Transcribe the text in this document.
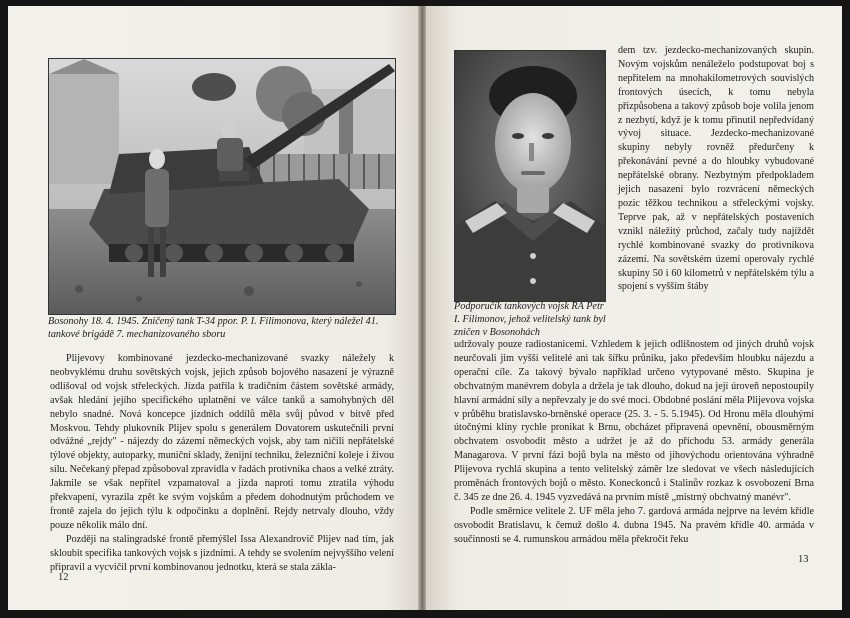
Bosonohy 18. 4. 1945. Zničený tank T-34 ppor. P. I. Filimonova, který náležel 41. tankové brigádě 7. mechanizovaného sboru

Plijevovy kombinované jezdecko-mechanizované svazky náležely k neobvyklému druhu sovětských vojsk, jejich způsob bojového nasazení je výrazně odlišoval od vojsk střeleckých. Jízda patřila k tradičním částem sovětské armády, avšak hledání jejího specifického uplatnění ve válce tanků a samohybných děl nebylo snadné. Nová koncepce jízdních oddílů měla svůj původ v bitvě před Moskvou. Tehdy plukovník Plijev spolu s generálem Dovatorem uskutečnili první odvážné „rejdy" - nájezdy do zázemí německých vojsk, aby tam ničili nepřátelské týlové objekty, autoparky, muniční sklady, ženijní techniku, železniční koleje i živou sílu. Nečekaný přepad způsoboval zpravidla v řadách protivníka chaos a velké ztráty. Jakmile se však nepřítel vzpamatoval a jízda naproti tomu ztratila výhodu překvapení, vyrazila zpět ke svým vojskům a předem dohodnutým průchodem ve frontě zajela do jejich týlu k odpočinku a doplnění. Rejdy netrvaly dlouho, vždy pouze několik málo dní.

Později na stalingradské frontě přemýšlel Issa Alexandrovič Plijev nad tím, jak skloubit specifika tankových vojsk s jízdními. A tehdy se svolením nejvyššího velení připravil a vycvičil první kombinovanou jednotku, která se stala zákla-

12

Podporučík tankových vojsk RA Petr I. Filimonov, jehož velitelský tank byl zničen v Bosonohách

dem tzv. jezdecko-mechanizovaných skupin. Novým vojskům nenáleželo podstupovat boj s nepřítelem na mnohakilometrových souvislých frontových úsecích, k tomu nebyla přizpůsobena a takový způsob boje volila jenom z nezbytí, když je k tomu přinutil nepředvídaný vývoj situace. Jezdecko-mechanizované skupiny nebyly rovněž předurčeny k překonávání pevné a do hloubky vybudované nepřátelské obrany. Nezbytným předpokladem jejich nasazení bylo rozvrácení německých pozic těžkou technikou a střeleckými vojsky. Teprve pak, až v nepřátelských postaveních vznikl náležitý průchod, začaly tudy najíždět rychlé kombinované svazky do protivníkova zázemí. Na sovětském území operovaly rychlé skupiny 50 i 60 kilometrů v nepřátelském týlu a spojení s vyšším štáby

udržovaly pouze radiostanicemi. Vzhledem k jejich odlišnostem od jiných druhů vojsk neurčovali jim vyšší velitelé ani tak šířku průniku, jako především hloubku nájezdu a operační cíle. Za takový bývalo například určeno vytypované město. Skupina je obchvatným manévrem dobyla a držela je tak dlouho, dokud na její úroveň nepostoupily hlavní armádní síly a nepřevzaly je do své moci. Obdobné poslání měla Plijevova vojska v průběhu bratislavsko-brněnské operace (25. 3. - 5. 5.1945). Od Hronu měla dlouhými útočnými klíny rychle pronikat k Brnu, obcházet připravená opevnění, obousměrným obchvatem osvobodit město a udržet je až do příchodu 53. armády generála Managarova. V první fázi bojů byla na město od jihovýchodu orientována výhradně Plijevova rychlá skupina a tento velitelský záměr lze sledovat ve všech následujících proměnách frontových bojů o město. Koneckonců i Stalinův rozkaz k osvobození Brna č. 345 ze dne 26. 4. 1945 vyzvedává na prvním místě „mistrný obchvatný manévr".

Podle směrnice velitele 2. UF měla jeho 7. gardová armáda nejprve na levém křídle osvobodit Bratislavu, k čemuž došlo 4. dubna 1945. Na pravém křídle 40. armáda v součinnosti se 4. rumunskou armádou měla překročit řeku

13
